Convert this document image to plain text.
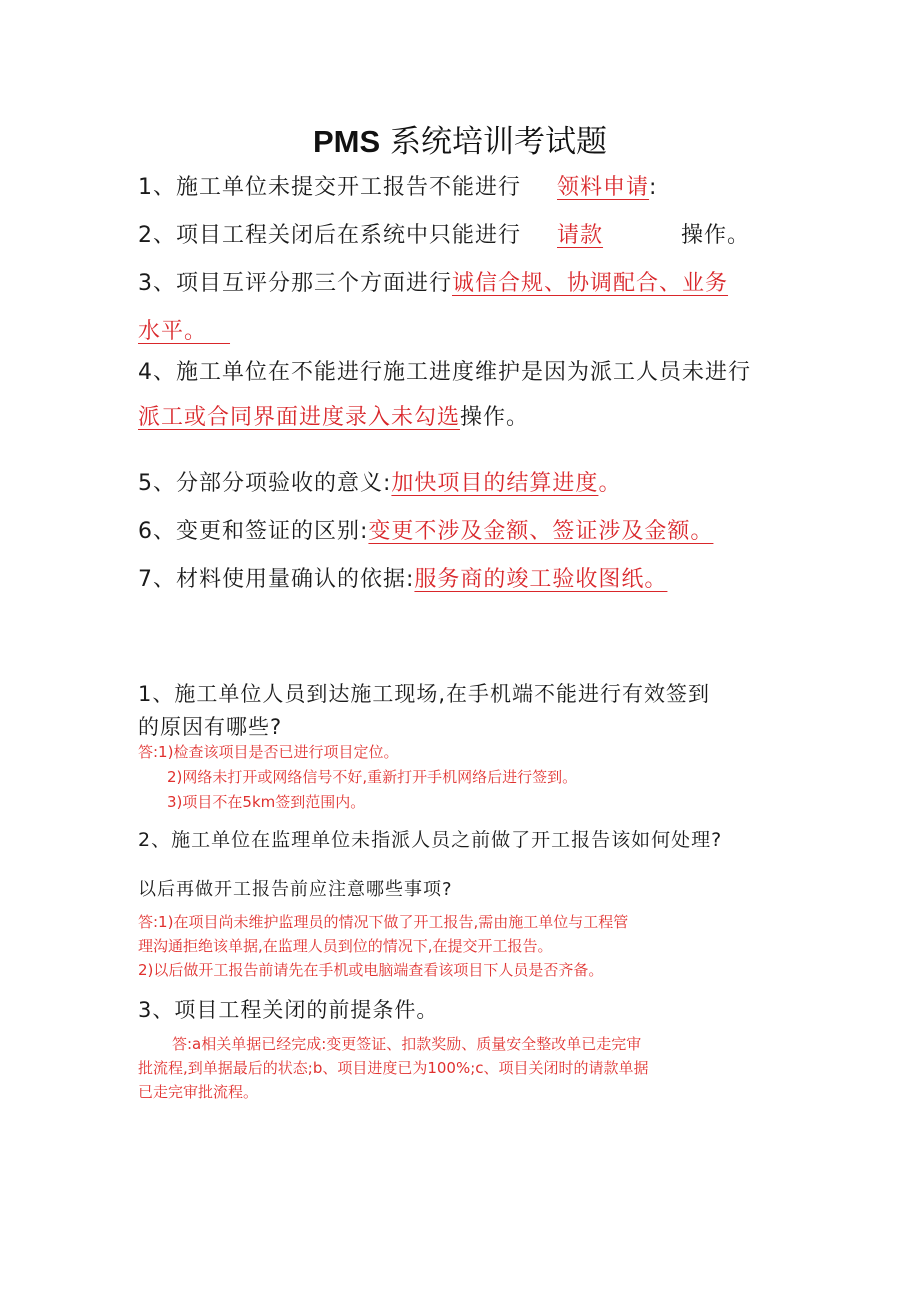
PMS 系统培训考试题
1、施工单位未提交开工报告不能进行 领料申请:
2、项目工程关闭后在系统中只能进行 请款	操作。
3、项目互评分那三个方面进行诚信合规、协调配合、业务
水平。 
4、施工单位在不能进行施工进度维护是因为派工人员未进行
派工或合同界面进度录入未勾选操作。
5、分部分项验收的意义:加快项目的结算进度。
6、变更和签证的区别:变更不涉及金额、签证涉及金额。
7、材料使用量确认的依据:服务商的竣工验收图纸。
1、施工单位人员到达施工现场,在手机端不能进行有效签到
的原因有哪些?
答:1)检查该项目是否已进行项目定位。
2)网络未打开或网络信号不好,重新打开手机网络后进行签到。
3)项目不在5km签到范围内。
2、施工单位在监理单位未指派人员之前做了开工报告该如何处理?
以后再做开工报告前应注意哪些事项?
答:1)在项目尚未维护监理员的情况下做了开工报告,需由施工单位与工程管
理沟通拒绝该单据,在监理人员到位的情况下,在提交开工报告。
2)以后做开工报告前请先在手机或电脑端查看该项目下人员是否齐备。
3、项目工程关闭的前提条件。
答:a相关单据已经完成:变更签证、扣款奖励、质量安全整改单已走完审
批流程,到单据最后的状态;b、项目进度已为100%;c、项目关闭时的请款单据
已走完审批流程。
